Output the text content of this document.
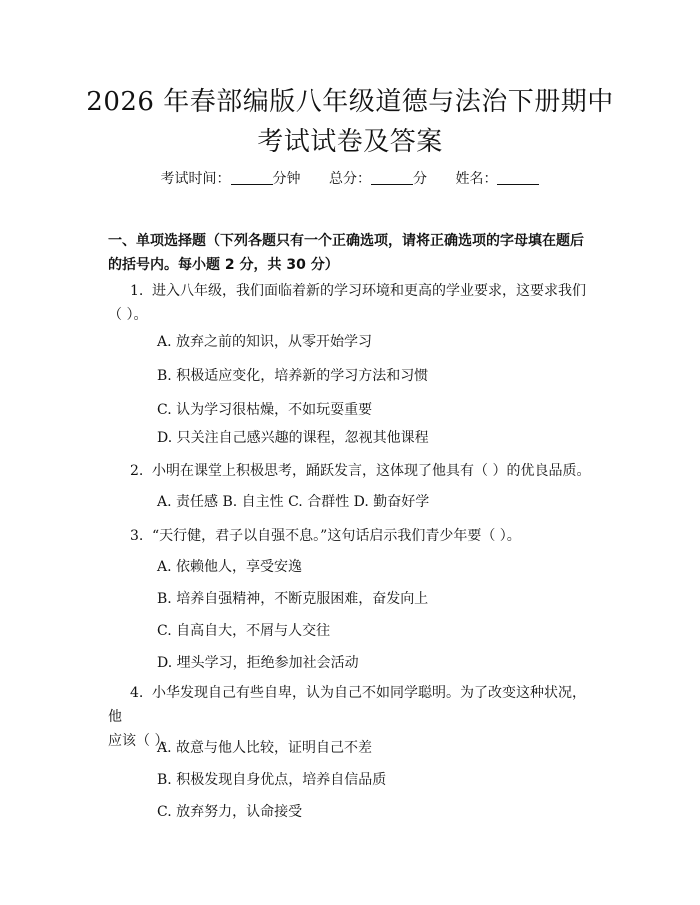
2026 年春部编版八年级道德与法治下册期中
考试试卷及答案
考试时间：	分钟 总分：	分 姓名：
一、单项选择题（下列各题只有一个正确选项，请将正确选项的字母填在题后的括号内。每小题 2 分，共 30 分）
1. 进入八年级，我们面临着新的学习环境和更高的学业要求，这要求我们
（ ）。
A. 放弃之前的知识，从零开始学习
B. 积极适应变化，培养新的学习方法和习惯
C. 认为学习很枯燥，不如玩耍重要
D. 只关注自己感兴趣的课程，忽视其他课程
2. 小明在课堂上积极思考，踊跃发言，这体现了他具有（ ）的优良品质。
A. 责任感 B. 自主性 C. 合群性 D. 勤奋好学
3. “天行健，君子以自强不息。”这句话启示我们青少年要（ ）。
A. 依赖他人，享受安逸
B. 培养自强精神，不断克服困难，奋发向上
C. 自高自大，不屑与人交往
D. 埋头学习，拒绝参加社会活动
4. 小华发现自己有些自卑，认为自己不如同学聪明。为了改变这种状况，他
应该（ ）。
A. 故意与他人比较，证明自己不差
B. 积极发现自身优点，培养自信品质
C. 放弃努力，认命接受
